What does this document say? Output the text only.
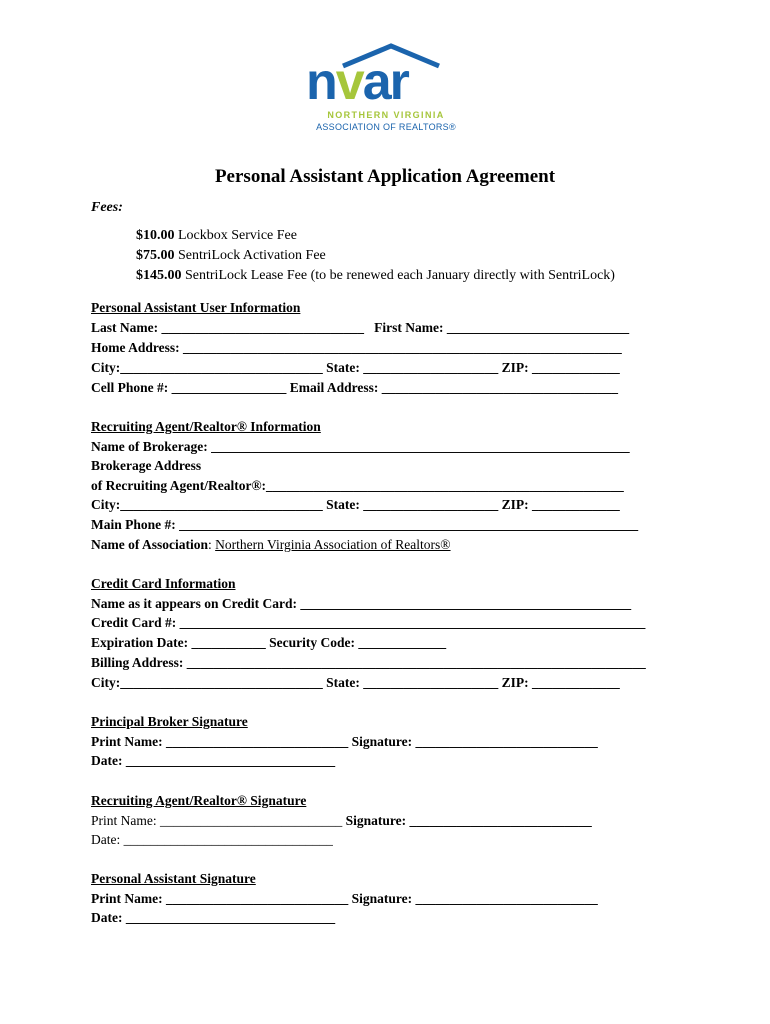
nvar
NORTHERN VIRGINIA
ASSOCIATION OF REALTORS®
Personal Assistant Application Agreement
Fees:
$10.00 Lockbox Service Fee
$75.00 SentriLock Activation Fee
$145.00 SentriLock Lease Fee (to be renewed each January directly with SentriLock)
Personal Assistant User Information
Last Name: ______________________________   First Name: ___________________________
Home Address: _________________________________________________________________
City:______________________________ State: ____________________ ZIP: _____________
Cell Phone #: _________________ Email Address: ___________________________________
Recruiting Agent/Realtor® Information
Name of Brokerage: ______________________________________________________________
Brokerage Address
of Recruiting Agent/Realtor®:_____________________________________________________
City:______________________________ State: ____________________ ZIP: _____________
Main Phone #: ____________________________________________________________________
Name of Association: Northern Virginia Association of Realtors®
Credit Card Information
Name as it appears on Credit Card: _________________________________________________
Credit Card #: _____________________________________________________________________
Expiration Date: ___________ Security Code: _____________
Billing Address: ____________________________________________________________________
City:______________________________ State: ____________________ ZIP: _____________
Principal Broker Signature
Print Name: ___________________________ Signature: ___________________________
Date: _______________________________
Recruiting Agent/Realtor® Signature
Print Name: ___________________________ Signature: ___________________________
Date: _______________________________
Personal Assistant Signature
Print Name: ___________________________ Signature: ___________________________
Date: _______________________________
